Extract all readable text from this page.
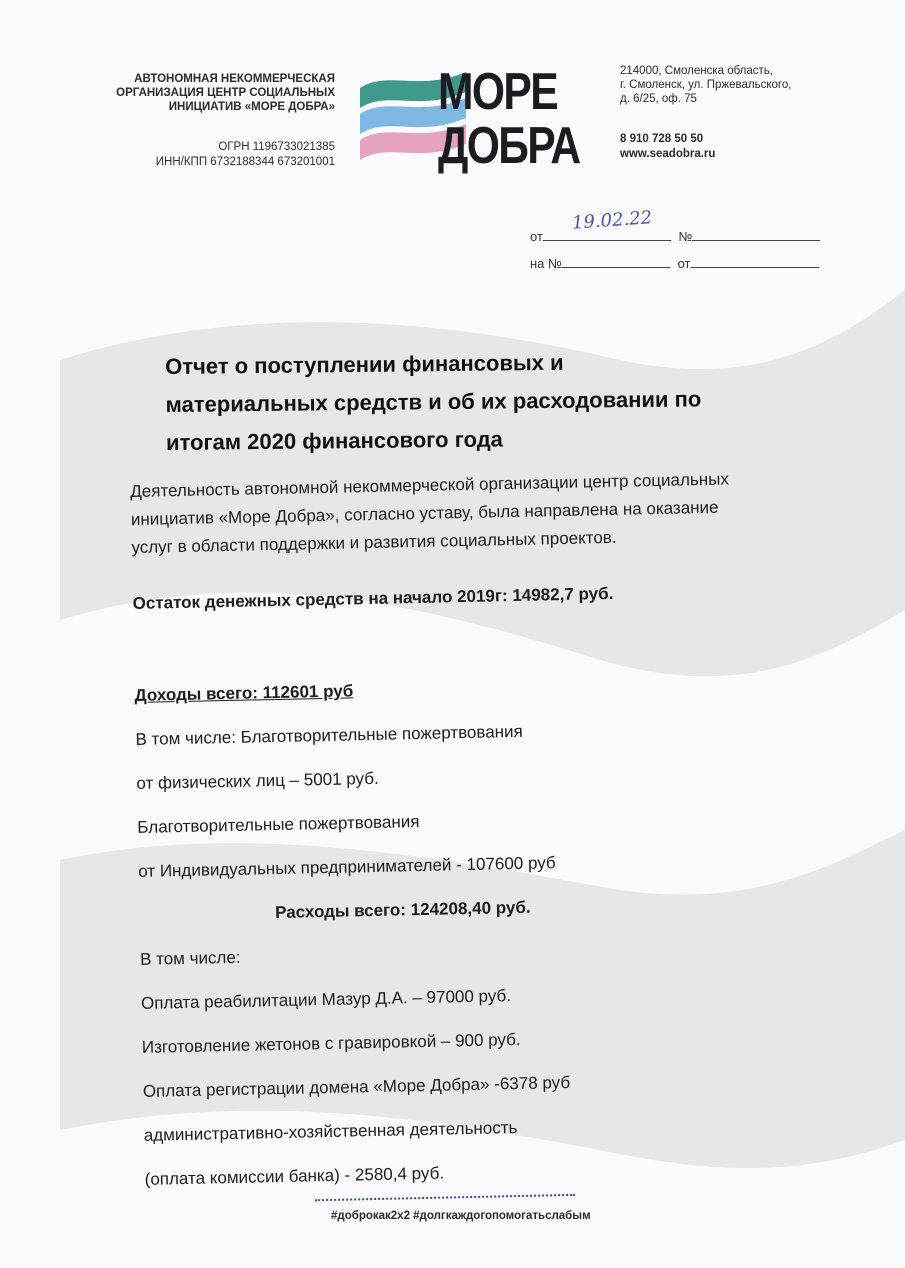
АВТОНОМНАЯ НЕКОММЕРЧЕСКАЯ
ОРГАНИЗАЦИЯ ЦЕНТР СОЦИАЛЬНЫХ
ИНИЦИАТИВ «МОРЕ ДОБРА»
ОГРН 1196733021385
ИНН/КПП 6732188344 673201001
МОРЕ
ДОБРА
214000, Смоленска область,
г. Смоленск, ул. Пржевальского,
д. 6/25, оф. 75
8 910 728 50 50
www.seadobra.ru
от	№
19.02.22
на №	от
Отчет о поступлении финансовых и
материальных средств и об их расходовании по
итогам 2020 финансового года
Деятельность автономной некоммерческой организации центр социальных
инициатив «Море Добра», согласно уставу, была направлена на оказание
услуг в области поддержки и развития социальных проектов.
Остаток денежных средств на начало 2019г: 14982,7 руб.
Доходы всего: 112601 руб
В том числе: Благотворительные пожертвования
от физических лиц – 5001 руб.
Благотворительные пожертвования
от Индивидуальных предпринимателей - 107600 руб
Расходы всего: 124208,40 руб.
В том числе:
Оплата реабилитации Мазур Д.А. – 97000 руб.
Изготовление жетонов с гравировкой – 900 руб.
Оплата регистрации домена «Море Добра» -6378 руб
административно-хозяйственная деятельность
(оплата комиссии банка) - 2580,4 руб.
#доброкак2х2 #долгкаждогопомогатьслабым
